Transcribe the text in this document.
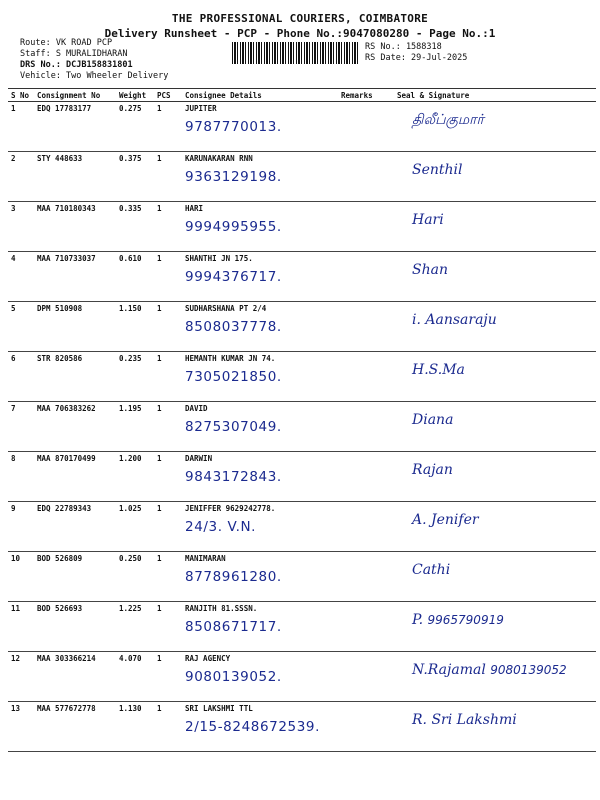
THE PROFESSIONAL COURIERS, COIMBATORE
Delivery Runsheet - PCP - Phone No.:9047080280 - Page No.:1
Route: VK ROAD PCP
Staff: S MURALIDHARAN
DRS No.: DCJB158831801
Vehicle: Two Wheeler Delivery
RS No.: 1588318
RS Date: 29-Jul-2025
S No	Consignment No	Weight	PCS	Consignee Details	Remarks	Seal & Signature
1	EDQ 17783177	0.275	1	JUPITER
9787770013.		திலீப்குமார்
2	STY 448633	0.375	1	KARUNAKARAN RNN
9363129198.		Senthil
3	MAA 710180343	0.335	1	HARI
9994995955.		Hari
4	MAA 710733037	0.610	1	SHANTHI JN 175.
9994376717.		Shan
5	DPM 510908	1.150	1	SUDHARSHANA PT 2/4
8508037778.		i. Aansaraju
6	STR 820586	0.235	1	HEMANTH KUMAR JN 74.
7305021850.		H.S.Ma
7	MAA 706383262	1.195	1	DAVID
8275307049.		Diana
8	MAA 870170499	1.200	1	DARWIN
9843172843.		Rajan
9	EDQ 22789343	1.025	1	JENIFFER 9629242778.
24/3. V.N.		A. Jenifer
10	BOD 526809	0.250	1	MANIMARAN
8778961280.		Cathi
11	BOD 526693	1.225	1	RANJITH 81.SSSN.
8508671717.		P. 9965790919
12	MAA 303366214	4.070	1	RAJ AGENCY
9080139052.		N.Rajamal 9080139052
13	MAA 577672778	1.130	1	SRI LAKSHMI TTL
2/15-8248672539.		R. Sri Lakshmi
